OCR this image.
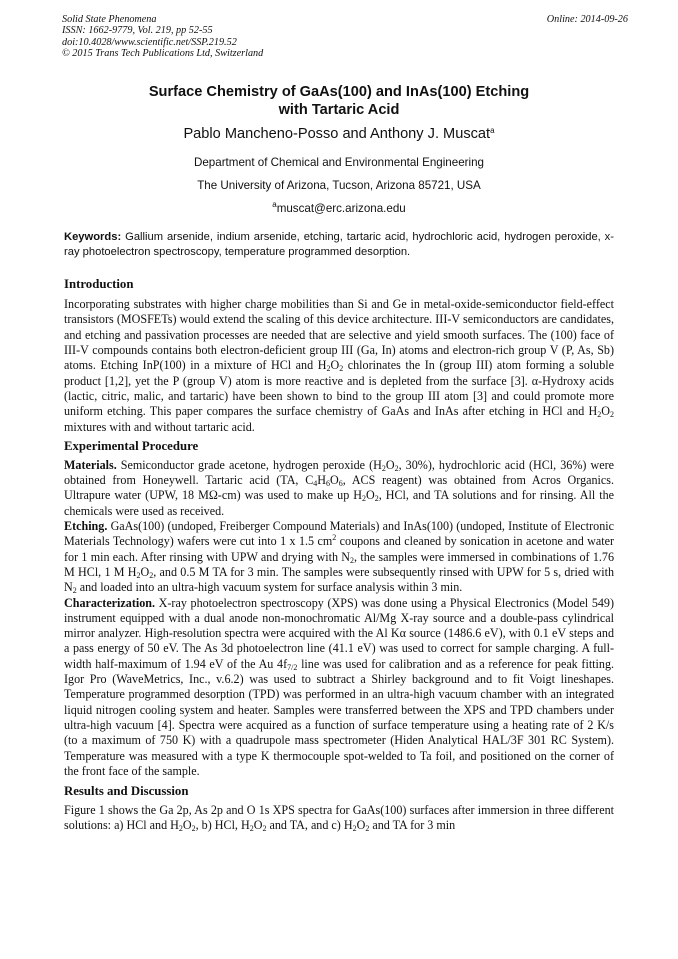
Solid State Phenomena
ISSN: 1662-9779, Vol. 219, pp 52-55
doi:10.4028/www.scientific.net/SSP.219.52
© 2015 Trans Tech Publications Ltd, Switzerland
Online: 2014-09-26
Surface Chemistry of GaAs(100) and InAs(100) Etching
with Tartaric Acid
Pablo Mancheno-Posso and Anthony J. Muscat$^a$
Department of Chemical and Environmental Engineering
The University of Arizona, Tucson, Arizona 85721, USA
$^a$muscat@erc.arizona.edu
Keywords: Gallium arsenide, indium arsenide, etching, tartaric acid, hydrochloric acid, hydrogen peroxide, x-ray photoelectron spectroscopy, temperature programmed desorption.
Introduction

Incorporating substrates with higher charge mobilities than Si and Ge in metal-oxide-semiconductor field-effect transistors (MOSFETs) would extend the scaling of this device architecture. III-V semiconductors are candidates, and etching and passivation processes are needed that are selective and yield smooth surfaces. The (100) face of III-V compounds contains both electron-deficient group III (Ga, In) atoms and electron-rich group V (P, As, Sb) atoms. Etching InP(100) in a mixture of HCl and $H_2O_2$ chlorinates the In (group III) atom forming a soluble product [1,2], yet the P (group V) atom is more reactive and is depleted from the surface [3]. α-Hydroxy acids (lactic, citric, malic, and tartaric) have been shown to bind to the group III atom [3] and could promote more uniform etching. This paper compares the surface chemistry of GaAs and InAs after etching in HCl and $H_2O_2$ mixtures with and without tartaric acid.

Experimental Procedure

Materials. Semiconductor grade acetone, hydrogen peroxide ($H_2O_2$, 30%), hydrochloric acid (HCl, 36%) were obtained from Honeywell. Tartaric acid (TA, $C_4H_6O_6$, ACS reagent) was obtained from Acros Organics. Ultrapure water (UPW, 18 MΩ-cm) was used to make up $H_2O_2$, HCl, and TA solutions and for rinsing. All the chemicals were used as received.

Etching. GaAs(100) (undoped, Freiberger Compound Materials) and InAs(100) (undoped, Institute of Electronic Materials Technology) wafers were cut into 1 x 1.5 $cm^2$ coupons and cleaned by sonication in acetone and water for 1 min each. After rinsing with UPW and drying with $N_2$, the samples were immersed in combinations of 1.76 M HCl, 1 M $H_2O_2$, and 0.5 M TA for 3 min. The samples were subsequently rinsed with UPW for 5 s, dried with $N_2$ and loaded into an ultra-high vacuum system for surface analysis within 3 min.

Characterization. X-ray photoelectron spectroscopy (XPS) was done using a Physical Electronics (Model 549) instrument equipped with a dual anode non-monochromatic Al/Mg X-ray source and a double-pass cylindrical mirror analyzer. High-resolution spectra were acquired with the Al Kα source (1486.6 eV), with 0.1 eV steps and a pass energy of 50 eV. The As 3d photoelectron line (41.1 eV) was used to correct for sample charging. A full-width half-maximum of 1.94 eV of the Au $4f_{7/2}$ line was used for calibration and as a reference for peak fitting. Igor Pro (WaveMetrics, Inc., v.6.2) was used to subtract a Shirley background and to fit Voigt lineshapes. Temperature programmed desorption (TPD) was performed in an ultra-high vacuum chamber with an integrated liquid nitrogen cooling system and heater. Samples were transferred between the XPS and TPD chambers under ultra-high vacuum [4]. Spectra were acquired as a function of surface temperature using a heating rate of 2 K/s (to a maximum of 750 K) with a quadrupole mass spectrometer (Hiden Analytical HAL/3F 301 RC System). Temperature was measured with a type K thermocouple spot-welded to Ta foil, and positioned on the corner of the front face of the sample.

Results and Discussion

Figure 1 shows the Ga 2p, As 2p and O 1s XPS spectra for GaAs(100) surfaces after immersion in three different solutions: a) HCl and $H_2O_2$, b) HCl, $H_2O_2$ and TA, and c) $H_2O_2$ and TA for 3 min
